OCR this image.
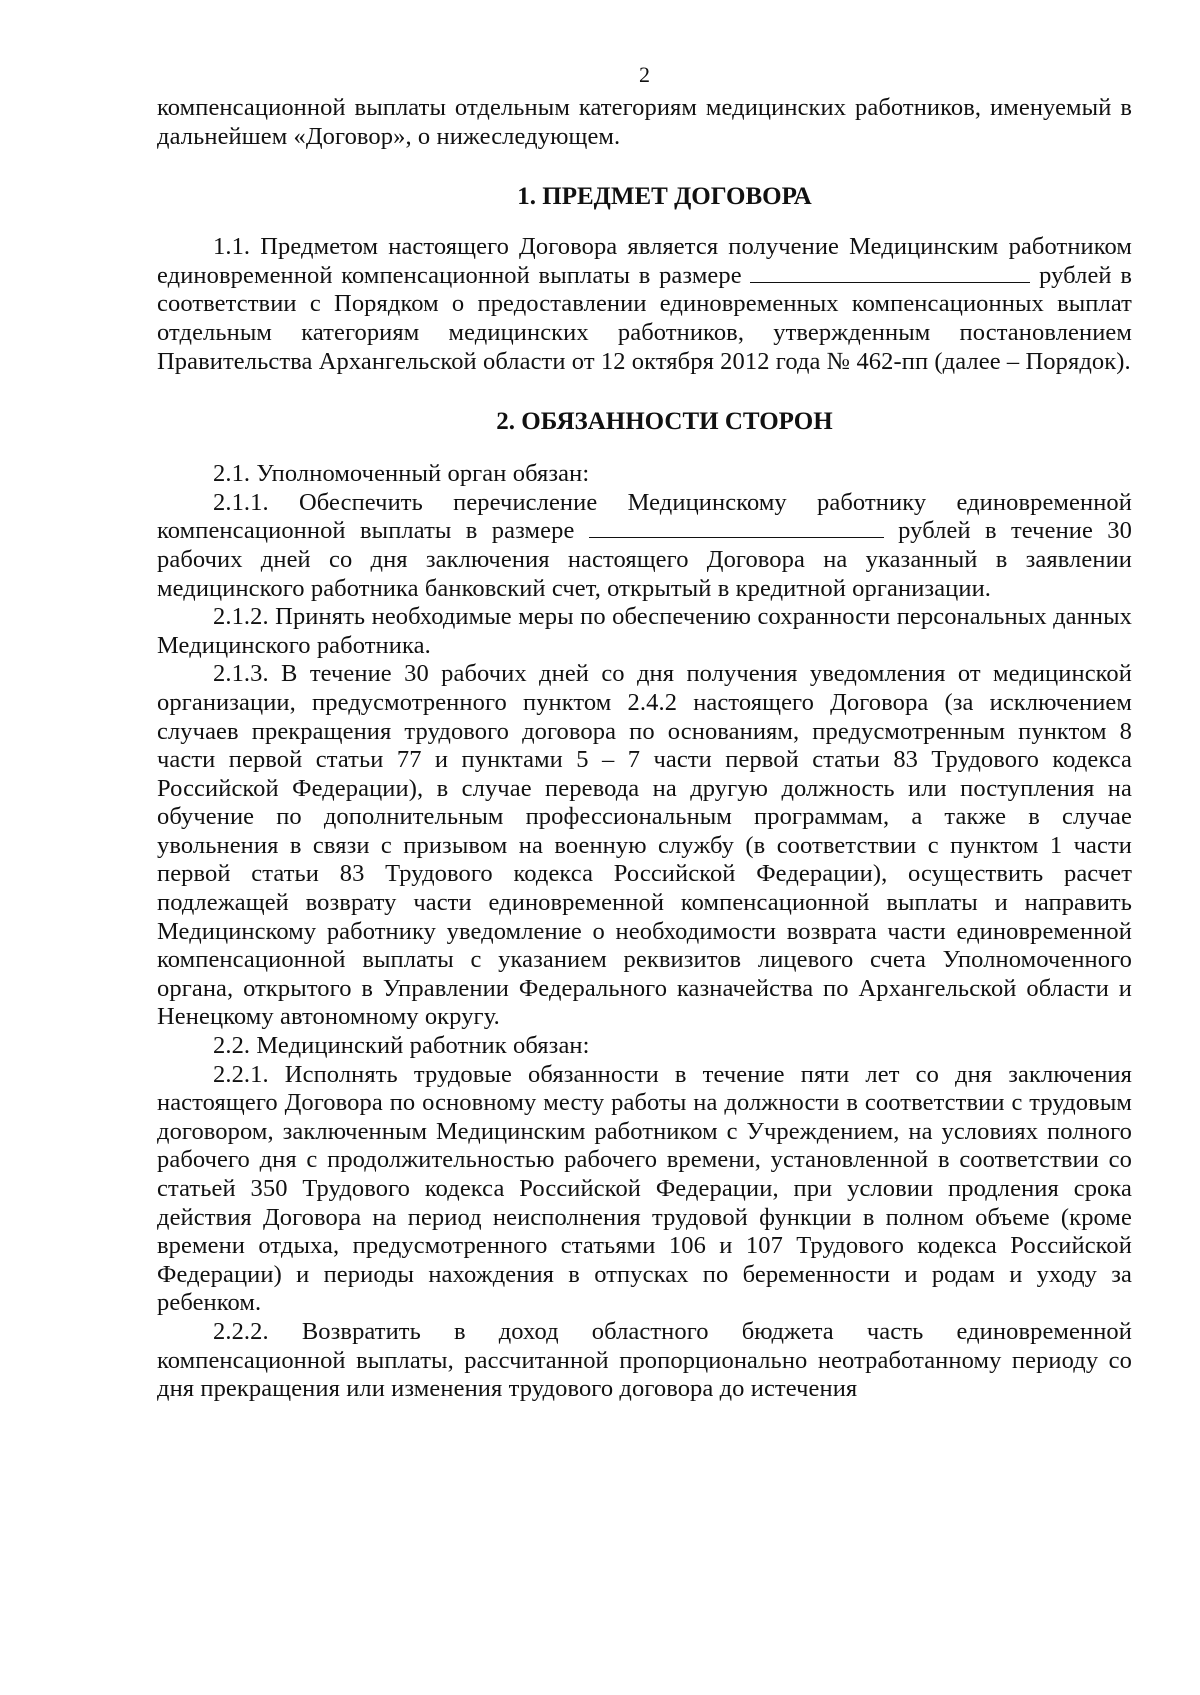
2

компенсационной выплаты отдельным категориям медицинских работников, именуемый в дальнейшем «Договор», о нижеследующем.

1. ПРЕДМЕТ ДОГОВОРА

1.1. Предметом настоящего Договора является получение Медицинским работником единовременной компенсационной выплаты в размере	рублей в соответствии с Порядком о предоставлении единовременных компенсационных выплат отдельным категориям медицинских работников, утвержденным постановлением Правительства Архангельской области от 12 октября 2012 года № 462-пп (далее – Порядок).

2. ОБЯЗАННОСТИ СТОРОН

2.1. Уполномоченный орган обязан:

2.1.1. Обеспечить перечисление Медицинскому работнику единовременной компенсационной выплаты в размере	рублей в течение 30 рабочих дней со дня заключения настоящего Договора на указанный в заявлении медицинского работника банковский счет, открытый в кредитной организации.

2.1.2. Принять необходимые меры по обеспечению сохранности персональных данных Медицинского работника.

2.1.3. В течение 30 рабочих дней со дня получения уведомления от медицинской организации, предусмотренного пунктом 2.4.2 настоящего Договора (за исключением случаев прекращения трудового договора по основаниям, предусмотренным пунктом 8 части первой статьи 77 и пунктами 5 – 7 части первой статьи 83 Трудового кодекса Российской Федерации), в случае перевода на другую должность или поступления на обучение по дополнительным профессиональным программам, а также в случае увольнения в связи с призывом на военную службу (в соответствии с пунктом 1 части первой статьи 83 Трудового кодекса Российской Федерации), осуществить расчет подлежащей возврату части единовременной компенсационной выплаты и направить Медицинскому работнику уведомление о необходимости возврата части единовременной компенсационной выплаты с указанием реквизитов лицевого счета Уполномоченного органа, открытого в Управлении Федерального казначейства по Архангельской области и Ненецкому автономному округу.

2.2. Медицинский работник обязан:

2.2.1. Исполнять трудовые обязанности в течение пяти лет со дня заключения настоящего Договора по основному месту работы на должности в соответствии с трудовым договором, заключенным Медицинским работником с Учреждением, на условиях полного рабочего дня с продолжительностью рабочего времени, установленной в соответствии со статьей 350 Трудового кодекса Российской Федерации, при условии продления срока действия Договора на период неисполнения трудовой функции в полном объеме (кроме времени отдыха, предусмотренного статьями 106 и 107 Трудового кодекса Российской Федерации) и периоды нахождения в отпусках по беременности и родам и уходу за ребенком.

2.2.2. Возвратить в доход областного бюджета часть единовременной компенсационной выплаты, рассчитанной пропорционально неотработанному периоду со дня прекращения или изменения трудового договора до истечения
